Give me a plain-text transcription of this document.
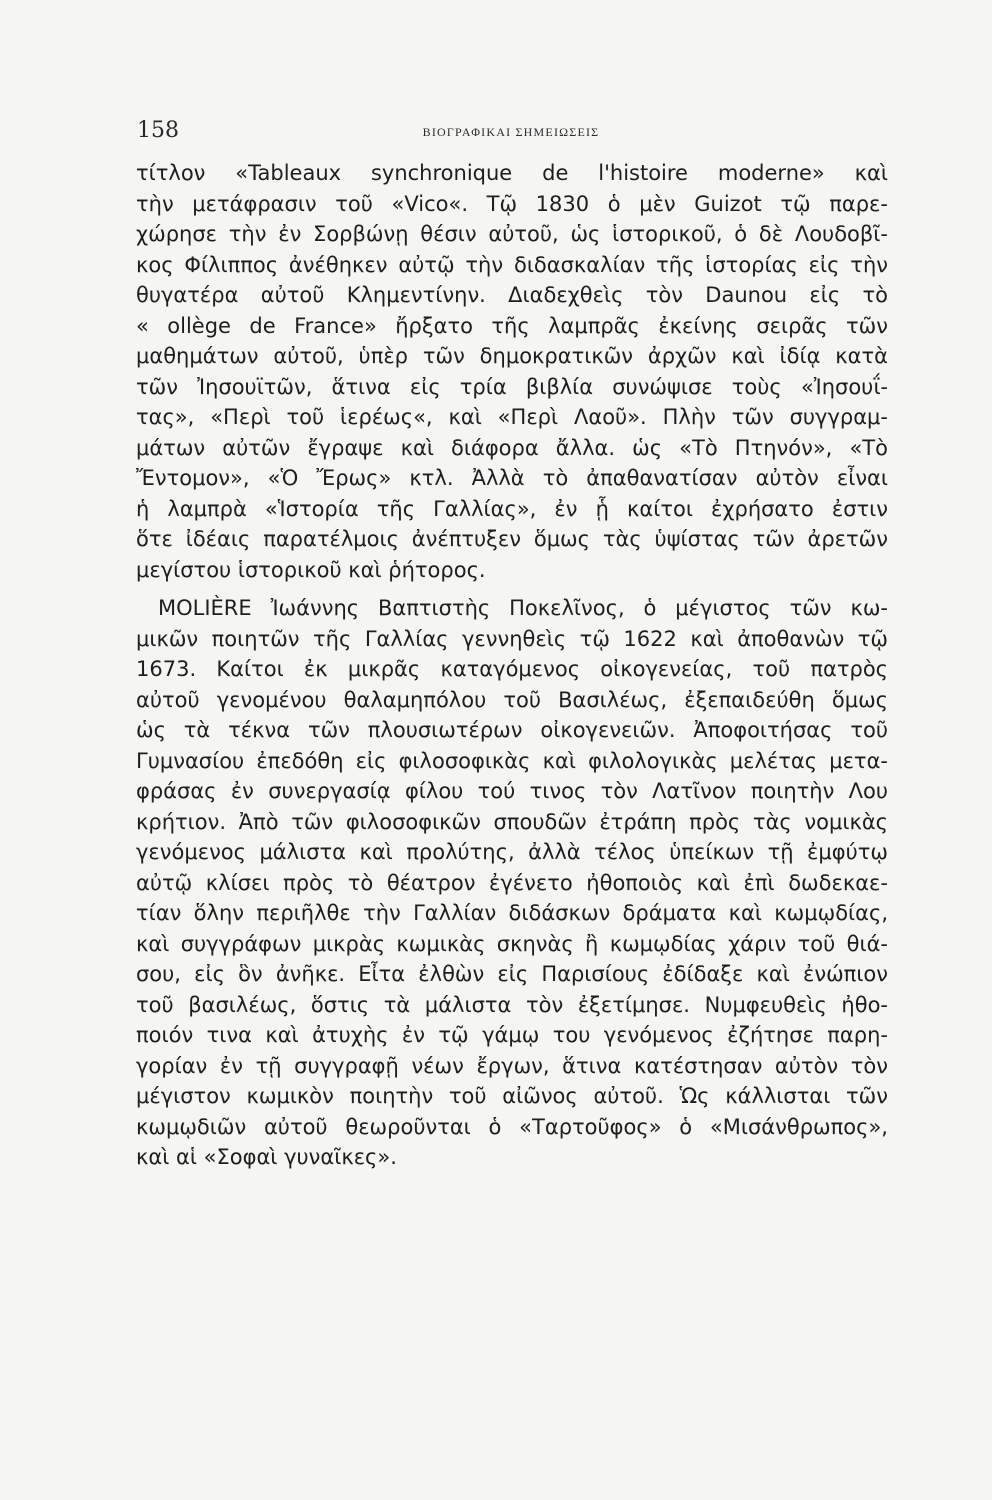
158	ΒΙΟΓΡΑΦΙΚΑΙ ΣΗΜΕΙΩΣΕΙΣ
τίτλον «Tableaux synchronique de l'histoire moderne» καὶ
τὴν μετάφρασιν τοῦ «Vico«. Τῷ 1830 ὁ μὲν Guizot τῷ παρε-
χώρησε τὴν ἐν Σορβώνῃ θέσιν αὐτοῦ, ὡς ἱστορικοῦ, ὁ δὲ Λουδοβῖ-
κος Φίλιππος ἀνέθηκεν αὐτῷ τὴν διδασκαλίαν τῆς ἱστορίας εἰς τὴν
θυγατέρα αὐτοῦ Κλημεντίνην. Διαδεχθεὶς τὸν Daunou εἰς τὸ
« ollège de France» ἤρξατο τῆς λαμπρᾶς ἐκείνης σειρᾶς τῶν
μαθημάτων αὐτοῦ, ὑπὲρ τῶν δημοκρατικῶν ἀρχῶν καὶ ἰδίᾳ κατὰ
τῶν Ἰησουϊτῶν, ἅτινα εἰς τρία βιβλία συνώψισε τοὺς «Ἰησουΐ-
τας», «Περὶ τοῦ ἱερέως«, καὶ «Περὶ Λαοῦ». Πλὴν τῶν συγγραμ-
μάτων αὐτῶν ἔγραψε καὶ διάφορα ἄλλα. ὡς «Τὸ Πτηνόν», «Τὸ
Ἔντομον», «Ὁ Ἔρως» κτλ. Ἀλλὰ τὸ ἀπαθανατίσαν αὐτὸν εἶναι
ἡ λαμπρὰ «Ἱστορία τῆς Γαλλίας», ἐν ᾗ καίτοι ἐχρήσατο ἐστιν
ὅτε ἰδέαις παρατέλμοις ἀνέπτυξεν ὅμως τὰς ὑψίστας τῶν ἀρετῶν
μεγίστου ἱστορικοῦ καὶ ῥήτορος.
MOLIÈRE Ἰωάννης Βαπτιστὴς Ποκελῖνος, ὁ μέγιστος τῶν κω-
μικῶν ποιητῶν τῆς Γαλλίας γεννηθεὶς τῷ 1622 καὶ ἀποθανὼν τῷ
1673. Καίτοι ἐκ μικρᾶς καταγόμενος οἰκογενείας, τοῦ πατρὸς
αὐτοῦ γενομένου θαλαμηπόλου τοῦ Βασιλέως, ἐξεπαιδεύθη ὅμως
ὡς τὰ τέκνα τῶν πλουσιωτέρων οἰκογενειῶν. Ἀποφοιτήσας τοῦ
Γυμνασίου ἐπεδόθη εἰς φιλοσοφικὰς καὶ φιλολογικὰς μελέτας μετα-
φράσας ἐν συνεργασίᾳ φίλου τού τινος τὸν Λατῖνον ποιητὴν Λου
κρήτιον. Ἀπὸ τῶν φιλοσοφικῶν σπουδῶν ἐτράπη πρὸς τὰς νομικὰς
γενόμενος μάλιστα καὶ προλύτης, ἀλλὰ τέλος ὑπείκων τῇ ἐμφύτῳ
αὐτῷ κλίσει πρὸς τὸ θέατρον ἐγένετο ἠθοποιὸς καὶ ἐπὶ δωδεκαε-
τίαν ὅλην περιῆλθε τὴν Γαλλίαν διδάσκων δράματα καὶ κωμῳδίας,
καὶ συγγράφων μικρὰς κωμικὰς σκηνὰς ἢ κωμῳδίας χάριν τοῦ θιά-
σου, εἰς ὃν ἀνῆκε. Εἶτα ἐλθὼν εἰς Παρισίους ἐδίδαξε καὶ ἐνώπιον
τοῦ βασιλέως, ὅστις τὰ μάλιστα τὸν ἐξετίμησε. Νυμφευθεὶς ἠθο-
ποιόν τινα καὶ ἀτυχὴς ἐν τῷ γάμῳ του γενόμενος ἐζήτησε παρη-
γορίαν ἐν τῇ συγγραφῇ νέων ἔργων, ἅτινα κατέστησαν αὐτὸν τὸν
μέγιστον κωμικὸν ποιητὴν τοῦ αἰῶνος αὐτοῦ. Ὡς κάλλισται τῶν
κωμῳδιῶν αὐτοῦ θεωροῦνται ὁ «Ταρτοῦφος» ὁ «Μισάνθρωπος»,
καὶ αἱ «Σοφαὶ γυναῖκες».
